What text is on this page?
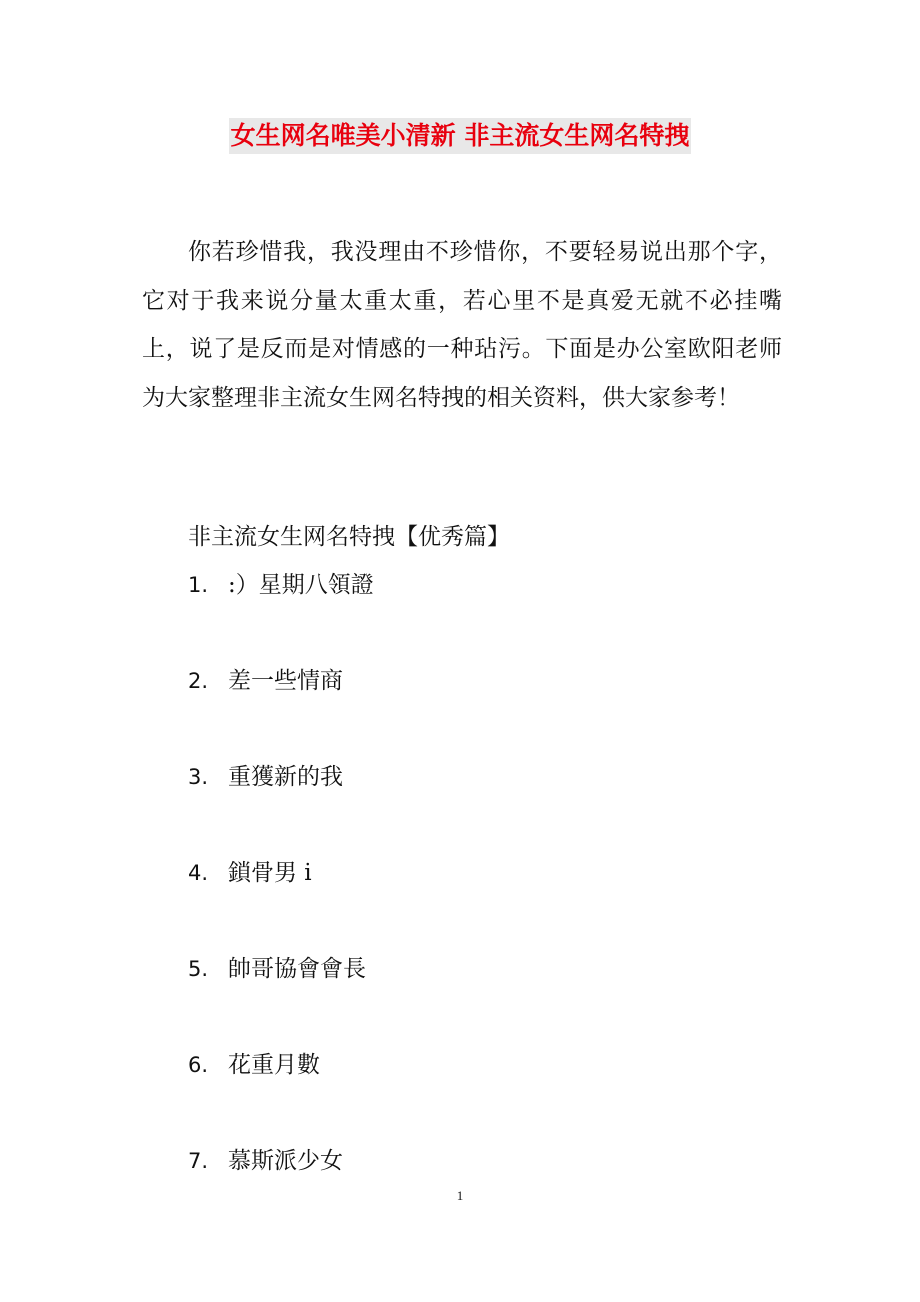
女生网名唯美小清新 非主流女生网名特拽

你若珍惜我，我没理由不珍惜你，不要轻易说出那个字，它对于我来说分量太重太重，若心里不是真爱无就不必挂嘴上，说了是反而是对情感的一种玷污。下面是办公室欧阳老师为大家整理非主流女生网名特拽的相关资料，供大家参考！

非主流女生网名特拽【优秀篇】
1. :）星期八領證
2. 差一些情商
3. 重獲新的我
4. 鎖骨男 i
5. 帥哥協會會長
6. 花重月數
7. 慕斯派少女
1
